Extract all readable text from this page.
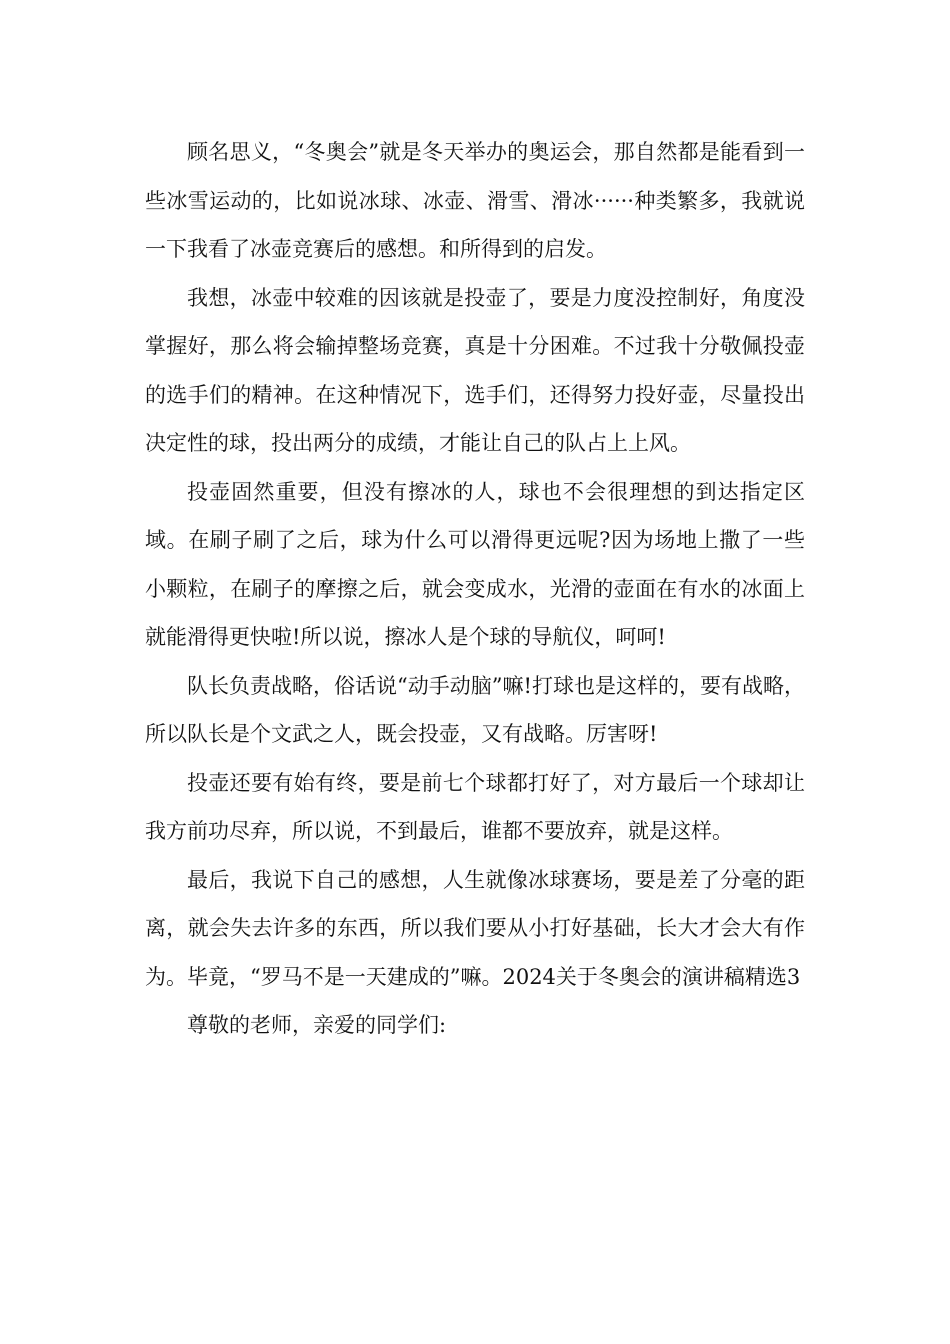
顾名思义，“冬奥会”就是冬天举办的奥运会，那自然都是能看到一些冰雪运动的，比如说冰球、冰壶、滑雪、滑冰······种类繁多，我就说一下我看了冰壶竞赛后的感想。和所得到的启发。

我想，冰壶中较难的因该就是投壶了，要是力度没控制好，角度没掌握好，那么将会输掉整场竞赛，真是十分困难。不过我十分敬佩投壶的选手们的精神。在这种情况下，选手们，还得努力投好壶，尽量投出决定性的球，投出两分的成绩，才能让自己的队占上上风。

投壶固然重要，但没有擦冰的人，球也不会很理想的到达指定区域。在刷子刷了之后，球为什么可以滑得更远呢?因为场地上撒了一些小颗粒，在刷子的摩擦之后，就会变成水，光滑的壶面在有水的冰面上就能滑得更快啦!所以说，擦冰人是个球的导航仪，呵呵!

队长负责战略，俗话说“动手动脑”嘛!打球也是这样的，要有战略，所以队长是个文武之人，既会投壶，又有战略。厉害呀!

投壶还要有始有终，要是前七个球都打好了，对方最后一个球却让我方前功尽弃，所以说，不到最后，谁都不要放弃，就是这样。

最后，我说下自己的感想，人生就像冰球赛场，要是差了分毫的距离，就会失去许多的东西，所以我们要从小打好基础，长大才会大有作为。毕竟，“罗马不是一天建成的”嘛。2024关于冬奥会的演讲稿精选3

尊敬的老师，亲爱的同学们:
